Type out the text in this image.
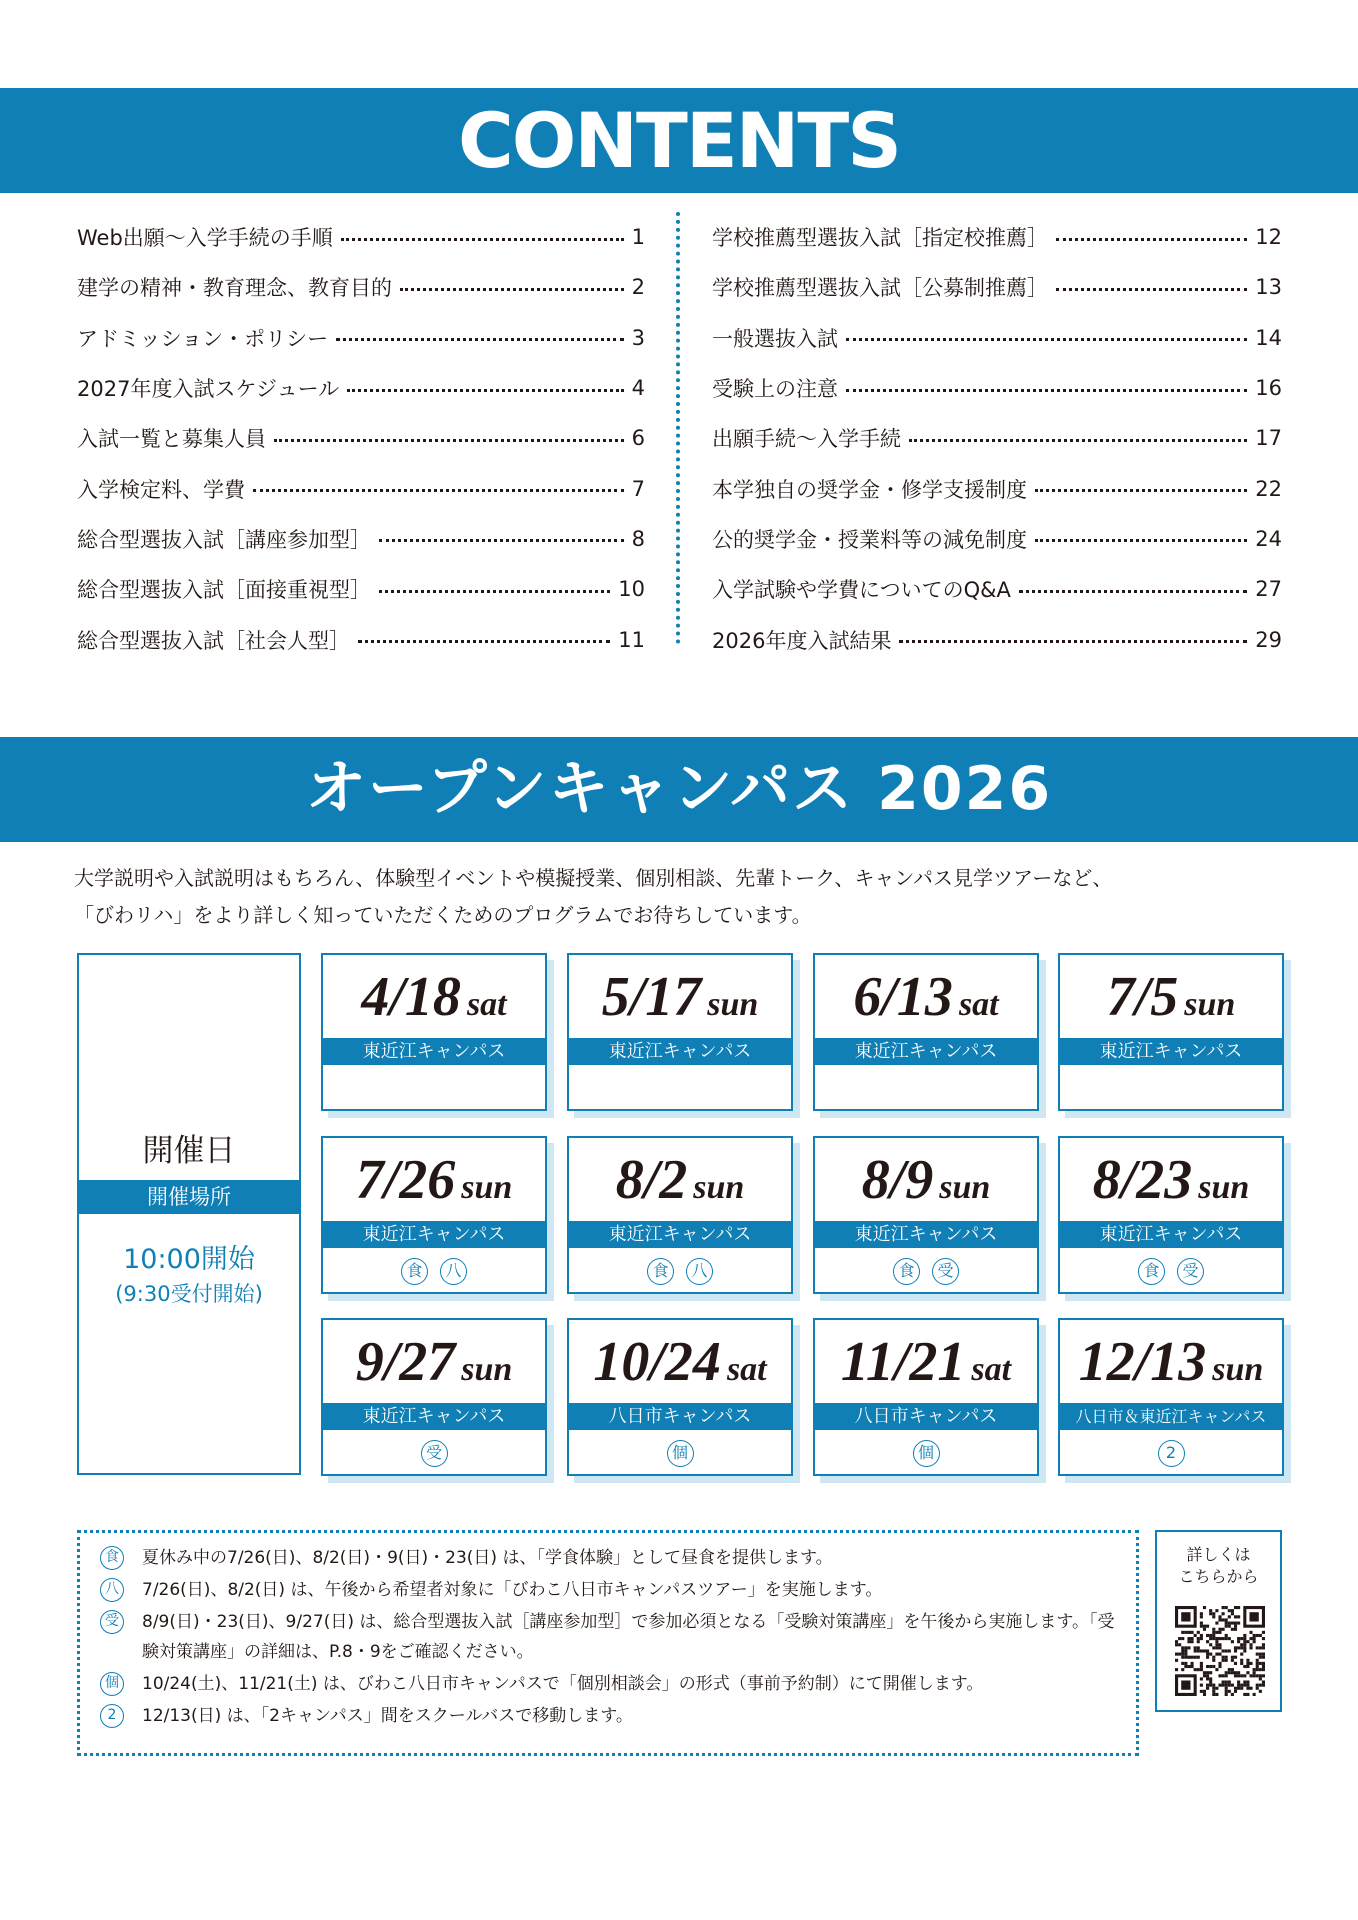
CONTENTS
Web出願〜入学手続の手順	1
建学の精神・教育理念、教育目的	2
アドミッション・ポリシー	3
2027年度入試スケジュール	4
入試一覧と募集人員	6
入学検定料、学費	7
総合型選抜入試［講座参加型］	8
総合型選抜入試［面接重視型］	10
総合型選抜入試［社会人型］	11
学校推薦型選抜入試［指定校推薦］	12
学校推薦型選抜入試［公募制推薦］	13
一般選抜入試	14
受験上の注意	16
出願手続〜入学手続	17
本学独自の奨学金・修学支援制度	22
公的奨学金・授業料等の減免制度	24
入学試験や学費についてのQ&A	27
2026年度入試結果	29
オープンキャンパス 2026
大学説明や入試説明はもちろん、体験型イベントや模擬授業、個別相談、先輩トーク、キャンパス見学ツアーなど、
「びわリハ」をより詳しく知っていただくためのプログラムでお待ちしています。
開催日
開催場所
10:00開始
(9:30受付開始)
4/18 sat
東近江キャンパス
5/17 sun
東近江キャンパス
6/13 sat
東近江キャンパス
7/5 sun
東近江キャンパス
7/26 sun
東近江キャンパス
食	八
8/2 sun
東近江キャンパス
食	八
8/9 sun
東近江キャンパス
食	受
8/23 sun
東近江キャンパス
食	受
9/27 sun
東近江キャンパス
受
10/24 sat
八日市キャンパス
個
11/21 sat
八日市キャンパス
個
12/13 sun
八日市＆東近江キャンパス
2
食 夏休み中の7/26(日)、8/2(日)・9(日)・23(日) は、「学食体験」として昼食を提供します。
八 7/26(日)、8/2(日) は、午後から希望者対象に「びわこ八日市キャンパスツアー」を実施します。
受 8/9(日)・23(日)、9/27(日) は、総合型選抜入試［講座参加型］で参加必須となる「受験対策講座」を午後から実施します。「受験対策講座」の詳細は、P.8・9をご確認ください。
個 10/24(土)、11/21(土) は、びわこ八日市キャンパスで「個別相談会」の形式（事前予約制）にて開催します。
2	12/13(日) は、「2キャンパス」間をスクールバスで移動します。
詳しくは
こちらから
